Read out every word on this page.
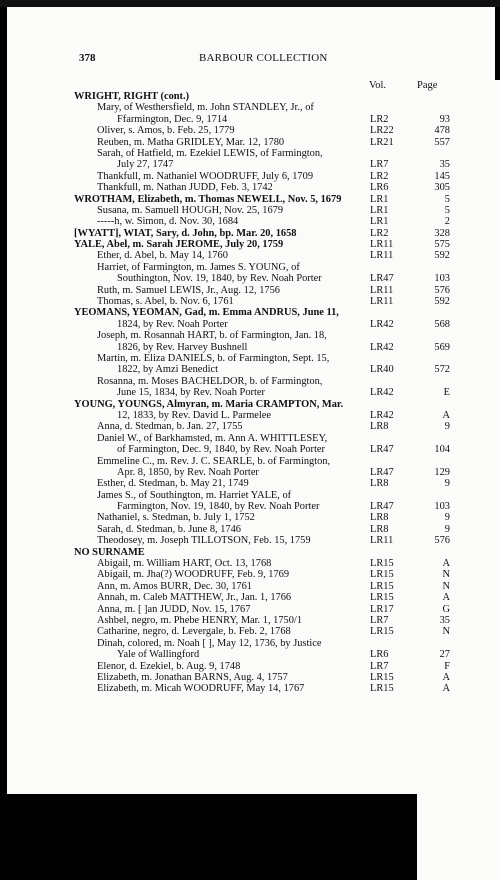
378	BARBOUR COLLECTION
Vol.	Page
WRIGHT, RIGHT (cont.)
Mary, of Westhersfield, m. John STANDLEY, Jr., of
Ffarmington, Dec. 9, 1714	LR2	93
Oliver, s. Amos, b. Feb. 25, 1779	LR22	478
Reuben, m. Matha GRIDLEY, Mar. 12, 1780	LR21	557
Sarah, of Hatfield, m. Ezekiel LEWIS, of Farmington,
July 27, 1747	LR7	35
Thankfull, m. Nathaniel WOODRUFF, July 6, 1709	LR2	145
Thankfull, m. Nathan JUDD, Feb. 3, 1742	LR6	305
WROTHAM, Elizabeth, m. Thomas NEWELL, Nov. 5, 1679	LR1	5
Susana, m. Samuell HOUGH, Nov. 25, 1679	LR1	5
-----h, w. Simon, d. Nov. 30, 1684	LR1	2
[WYATT], WIAT, Sary, d. John, bp. Mar. 20, 1658	LR2	328
YALE, Abel, m. Sarah JEROME, July 20, 1759	LR11	575
Ether, d. Abel, b. May 14, 1760	LR11	592
Harriet, of Farmington, m. James S. YOUNG, of
Southington, Nov. 19, 1840, by Rev. Noah Porter	LR47	103
Ruth, m. Samuel LEWIS, Jr., Aug. 12, 1756	LR11	576
Thomas, s. Abel, b. Nov. 6, 1761	LR11	592
YEOMANS, YEOMAN, Gad, m. Emma ANDRUS, June 11,
1824, by Rev. Noah Porter	LR42	568
Joseph, m. Rosannah HART, b. of Farmington, Jan. 18,
1826, by Rev. Harvey Bushnell	LR42	569
Martin, m. Eliza DANIELS, b. of Farmington, Sept. 15,
1822, by Amzi Benedict	LR40	572
Rosanna, m. Moses BACHELDOR, b. of Farmington,
June 15, 1834, by Rev. Noah Porter	LR42	E
YOUNG, YOUNGS, Almyran, m. Maria CRAMPTON, Mar.
12, 1833, by Rev. David L. Parmelee	LR42	A
Anna, d. Stedman, b. Jan. 27, 1755	LR8	9
Daniel W., of Barkhamsted, m. Ann A. WHITTLESEY,
of Farmington, Dec. 9, 1840, by Rev. Noah Porter	LR47	104
Emmeline C., m. Rev. J. C. SEARLE, b. of Farmington,
Apr. 8, 1850, by Rev. Noah Porter	LR47	129
Esther, d. Stedman, b. May 21, 1749	LR8	9
James S., of Southington, m. Harriet YALE, of
Farmington, Nov. 19, 1840, by Rev. Noah Porter	LR47	103
Nathaniel, s. Stedman, b. July 1, 1752	LR8	9
Sarah, d. Stedman, b. June 8, 1746	LR8	9
Theodosey, m. Joseph TILLOTSON, Feb. 15, 1759	LR11	576
NO SURNAME
Abigail, m. William HART, Oct. 13, 1768	LR15	A
Abigail, m. Jha(?) WOODRUFF, Feb. 9, 1769	LR15	N
Ann, m. Amos BURR, Dec. 30, 1761	LR15	N
Annah, m. Caleb MATTHEW, Jr., Jan. 1, 1766	LR15	A
Anna, m. [ ]an JUDD, Nov. 15, 1767	LR17	G
Ashbel, negro, m. Phebe HENRY, Mar. 1, 1750/1	LR7	35
Catharine, negro, d. Levergale, b. Feb. 2, 1768	LR15	N
Dinah, colored, m. Noah [ ], May 12, 1736, by Justice
Yale of Wallingford	LR6	27
Elenor, d. Ezekiel, b. Aug. 9, 1748	LR7	F
Elizabeth, m. Jonathan BARNS, Aug. 4, 1757	LR15	A
Elizabeth, m. Micah WOODRUFF, May 14, 1767	LR15	A
